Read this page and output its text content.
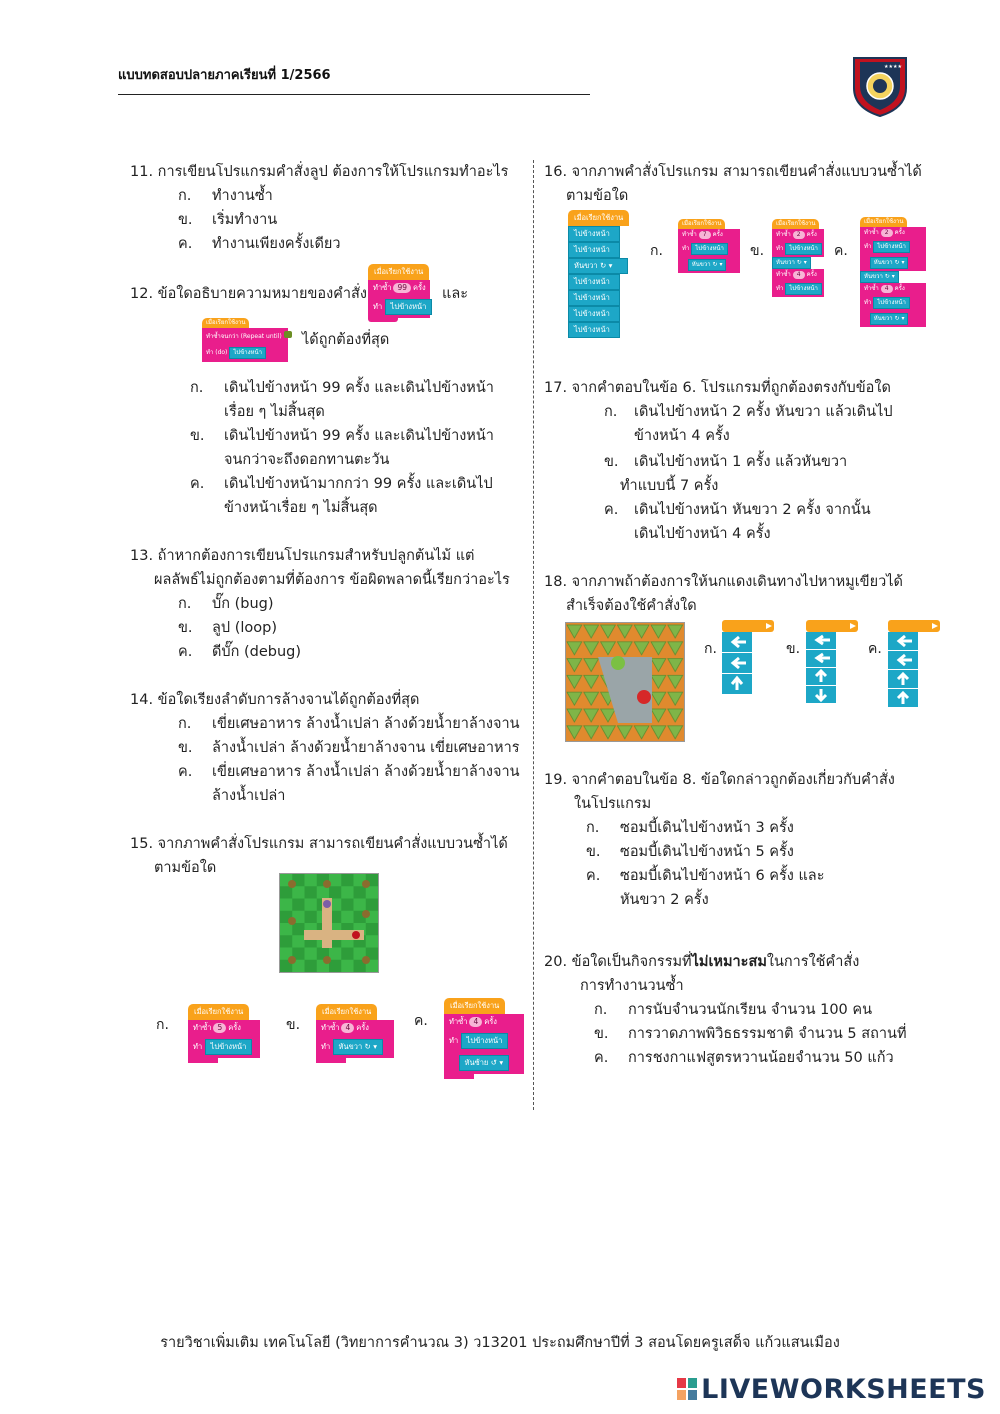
แบบทดสอบปลายภาคเรียนที่ 1/2566
★★★★
11. การเขียนโปรแกรมคำสั่งลูป ต้องการให้โปรแกรมทำอะไร
ก. ทำงานซ้ำ
ข. เริ่มทำงาน
ค. ทำงานเพียงครั้งเดียว
12. ข้อใดอธิบายความหมายของคำสั่ง	และ
เมื่อเรียกใช้งาน
ทำซ้ำ 99 ครั้ง
ทำ ไปข้างหน้า
เมื่อเรียกใช้งาน
ทำซ้ำจนกว่า (Repeat until)
ทำ (do) ไปข้างหน้า
ได้ถูกต้องที่สุด
ก. เดินไปข้างหน้า 99 ครั้ง และเดินไปข้างหน้า
เรื่อย ๆ ไม่สิ้นสุด
ข. เดินไปข้างหน้า 99 ครั้ง และเดินไปข้างหน้า
จนกว่าจะถึงดอกทานตะวัน
ค. เดินไปข้างหน้ามากกว่า 99 ครั้ง และเดินไป
ข้างหน้าเรื่อย ๆ ไม่สิ้นสุด
13. ถ้าหากต้องการเขียนโปรแกรมสำหรับปลูกต้นไม้ แต่
ผลลัพธ์ไม่ถูกต้องตามที่ต้องการ ข้อผิดพลาดนี้เรียกว่าอะไร
ก. บั๊ก (bug)
ข. ลูป (loop)
ค. ดีบั๊ก (debug)
14. ข้อใดเรียงลำดับการล้างจานได้ถูกต้องที่สุด
ก. เขี่ยเศษอาหาร ล้างน้ำเปล่า ล้างด้วยน้ำยาล้างจาน
ข. ล้างน้ำเปล่า ล้างด้วยน้ำยาล้างจาน เขี่ยเศษอาหาร
ค. เขี่ยเศษอาหาร ล้างน้ำเปล่า ล้างด้วยน้ำยาล้างจาน
ล้างน้ำเปล่า
15. จากภาพคำสั่งโปรแกรม สามารถเขียนคำสั่งแบบวนซ้ำได้
ตามข้อใด
ก.
เมื่อเรียกใช้งาน
ทำซ้ำ 5 ครั้ง
ทำ ไปข้างหน้า
ข.
เมื่อเรียกใช้งาน
ทำซ้ำ 4 ครั้ง
ทำ หันขวา ↻ ▾
ค.
เมื่อเรียกใช้งาน
ทำซ้ำ 4 ครั้ง
ทำ ไปข้างหน้า
หันซ้าย ↺ ▾
16. จากภาพคำสั่งโปรแกรม สามารถเขียนคำสั่งแบบวนซ้ำได้
ตามข้อใด
เมื่อเรียกใช้งาน
ไปข้างหน้า
ไปข้างหน้า
หันขวา ↻ ▾
ไปข้างหน้า
ไปข้างหน้า
ไปข้างหน้า
ไปข้างหน้า
ก.
เมื่อเรียกใช้งาน
ทำซ้ำ 7 ครั้ง
ทำ ไปข้างหน้า
หันขวา ↻ ▾
ข.
เมื่อเรียกใช้งาน
ทำซ้ำ 2 ครั้ง
ทำ ไปข้างหน้า
หันขวา ↻ ▾
ทำซ้ำ 4 ครั้ง
ทำ ไปข้างหน้า
ค.
เมื่อเรียกใช้งาน
ทำซ้ำ 2 ครั้ง
ทำ ไปข้างหน้า
หันขวา ↻ ▾
หันขวา ↻ ▾
ทำซ้ำ 4 ครั้ง
ทำ ไปข้างหน้า
หันขวา ↻ ▾
17. จากคำตอบในข้อ 6. โปรแกรมที่ถูกต้องตรงกับข้อใด
ก. เดินไปข้างหน้า 2 ครั้ง หันขวา แล้วเดินไป
ข้างหน้า 4 ครั้ง
ข. เดินไปข้างหน้า 1 ครั้ง แล้วหันขวา
ทำแบบนี้ 7 ครั้ง
ค. เดินไปข้างหน้า หันขวา 2 ครั้ง จากนั้น
เดินไปข้างหน้า 4 ครั้ง
18. จากภาพถ้าต้องการให้นกแดงเดินทางไปหาหมูเขียวได้
สำเร็จต้องใช้คำสั่งใด
ก.	ข.	ค.
19. จากคำตอบในข้อ 8. ข้อใดกล่าวถูกต้องเกี่ยวกับคำสั่ง
ในโปรแกรม
ก. ซอมบี้เดินไปข้างหน้า 3 ครั้ง
ข. ซอมบี้เดินไปข้างหน้า 5 ครั้ง
ค. ซอมบี้เดินไปข้างหน้า 6 ครั้ง และ
หันขวา 2 ครั้ง
20. ข้อใดเป็นกิจกรรมที่ไม่เหมาะสมในการใช้คำสั่ง
การทำงานวนซ้ำ
ก. การนับจำนวนนักเรียน จำนวน 100 คน
ข. การวาดภาพพิวิธธรรมชาติ จำนวน 5 สถานที่
ค. การชงกาแฟสูตรหวานน้อยจำนวน 50 แก้ว
รายวิชาเพิ่มเติม เทคโนโลยี (วิทยาการคำนวณ 3) ว13201 ประถมศึกษาปีที่ 3 สอนโดยครูเสด็จ แก้วแสนเมือง
LIVEWORKSHEETS
